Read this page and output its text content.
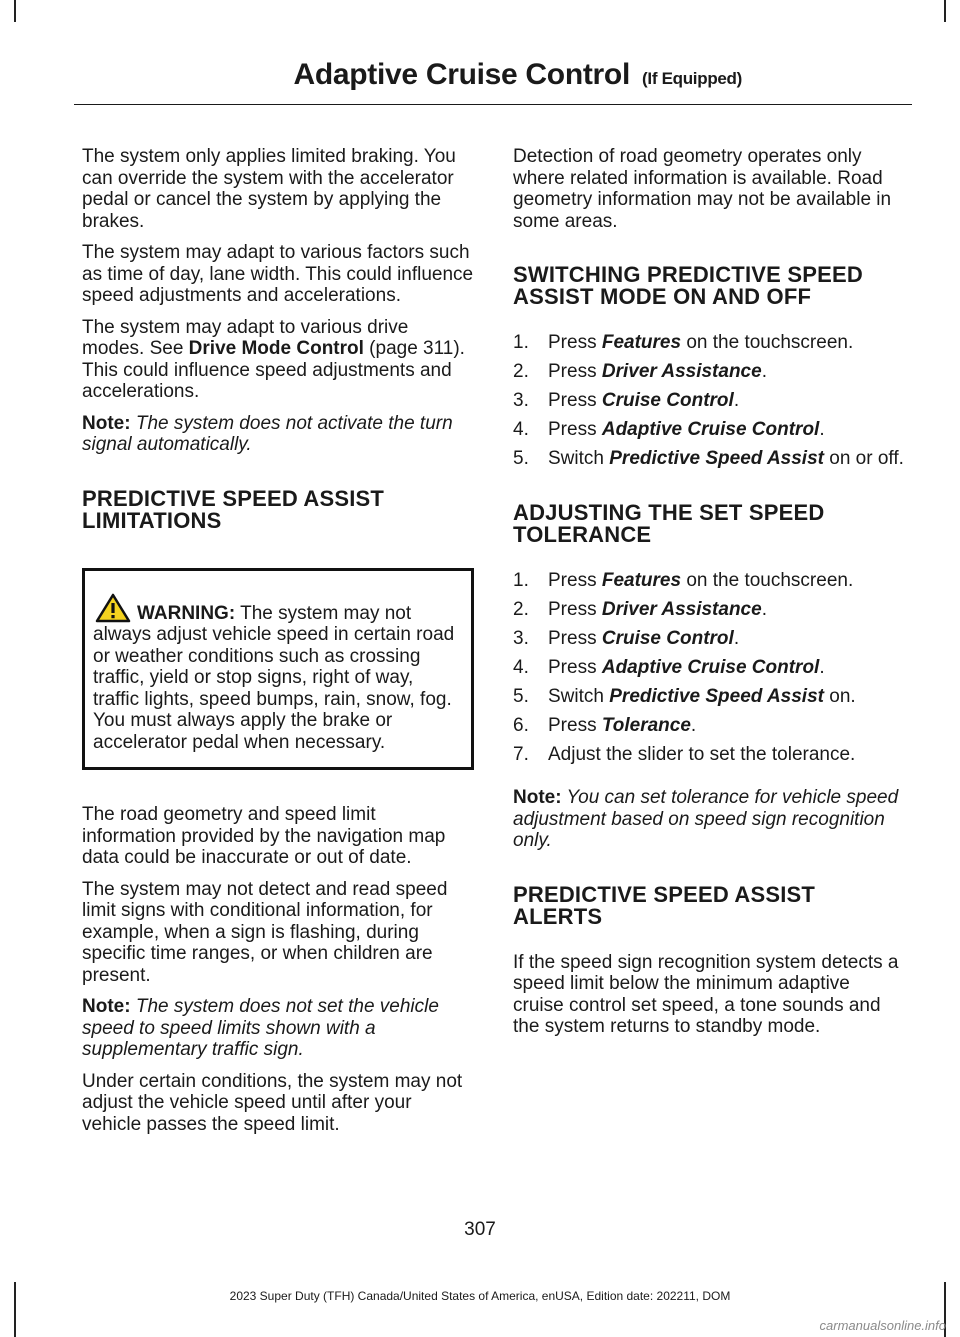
Adaptive Cruise Control (If Equipped)

The system only applies limited braking. You can override the system with the accelerator pedal or cancel the system by applying the brakes.

The system may adapt to various factors such as time of day, lane width. This could influence speed adjustments and accelerations.

The system may adapt to various drive modes. See Drive Mode Control (page 311). This could influence speed adjustments and accelerations.

Note: The system does not activate the turn signal automatically.

PREDICTIVE SPEED ASSIST LIMITATIONS
WARNING: The system may not always adjust vehicle speed in certain road or weather conditions such as crossing traffic, yield or stop signs, right of way, traffic lights, speed bumps, rain, snow, fog. You must always apply the brake or accelerator pedal when necessary.

The road geometry and speed limit information provided by the navigation map data could be inaccurate or out of date.

The system may not detect and read speed limit signs with conditional information, for example, when a sign is flashing, during specific time ranges, or when children are present.

Note: The system does not set the vehicle speed to speed limits shown with a supplementary traffic sign.

Under certain conditions, the system may not adjust the vehicle speed until after your vehicle passes the speed limit.

Detection of road geometry operates only where related information is available. Road geometry information may not be available in some areas.

SWITCHING PREDICTIVE SPEED ASSIST MODE ON AND OFF
1.	Press Features on the touchscreen.
2.	Press Driver Assistance.
3.	Press Cruise Control.
4.	Press Adaptive Cruise Control.
5.	Switch Predictive Speed Assist on or off.
ADJUSTING THE SET SPEED TOLERANCE
1.	Press Features on the touchscreen.
2.	Press Driver Assistance.
3.	Press Cruise Control.
4.	Press Adaptive Cruise Control.
5.	Switch Predictive Speed Assist on.
6.	Press Tolerance.
7.	Adjust the slider to set the tolerance.

Note: You can set tolerance for vehicle speed adjustment based on speed sign recognition only.

PREDICTIVE SPEED ASSIST ALERTS

If the speed sign recognition system detects a speed limit below the minimum adaptive cruise control set speed, a tone sounds and the system returns to standby mode.

307
2023 Super Duty (TFH) Canada/United States of America, enUSA, Edition date: 202211, DOM
carmanualsonline.info
